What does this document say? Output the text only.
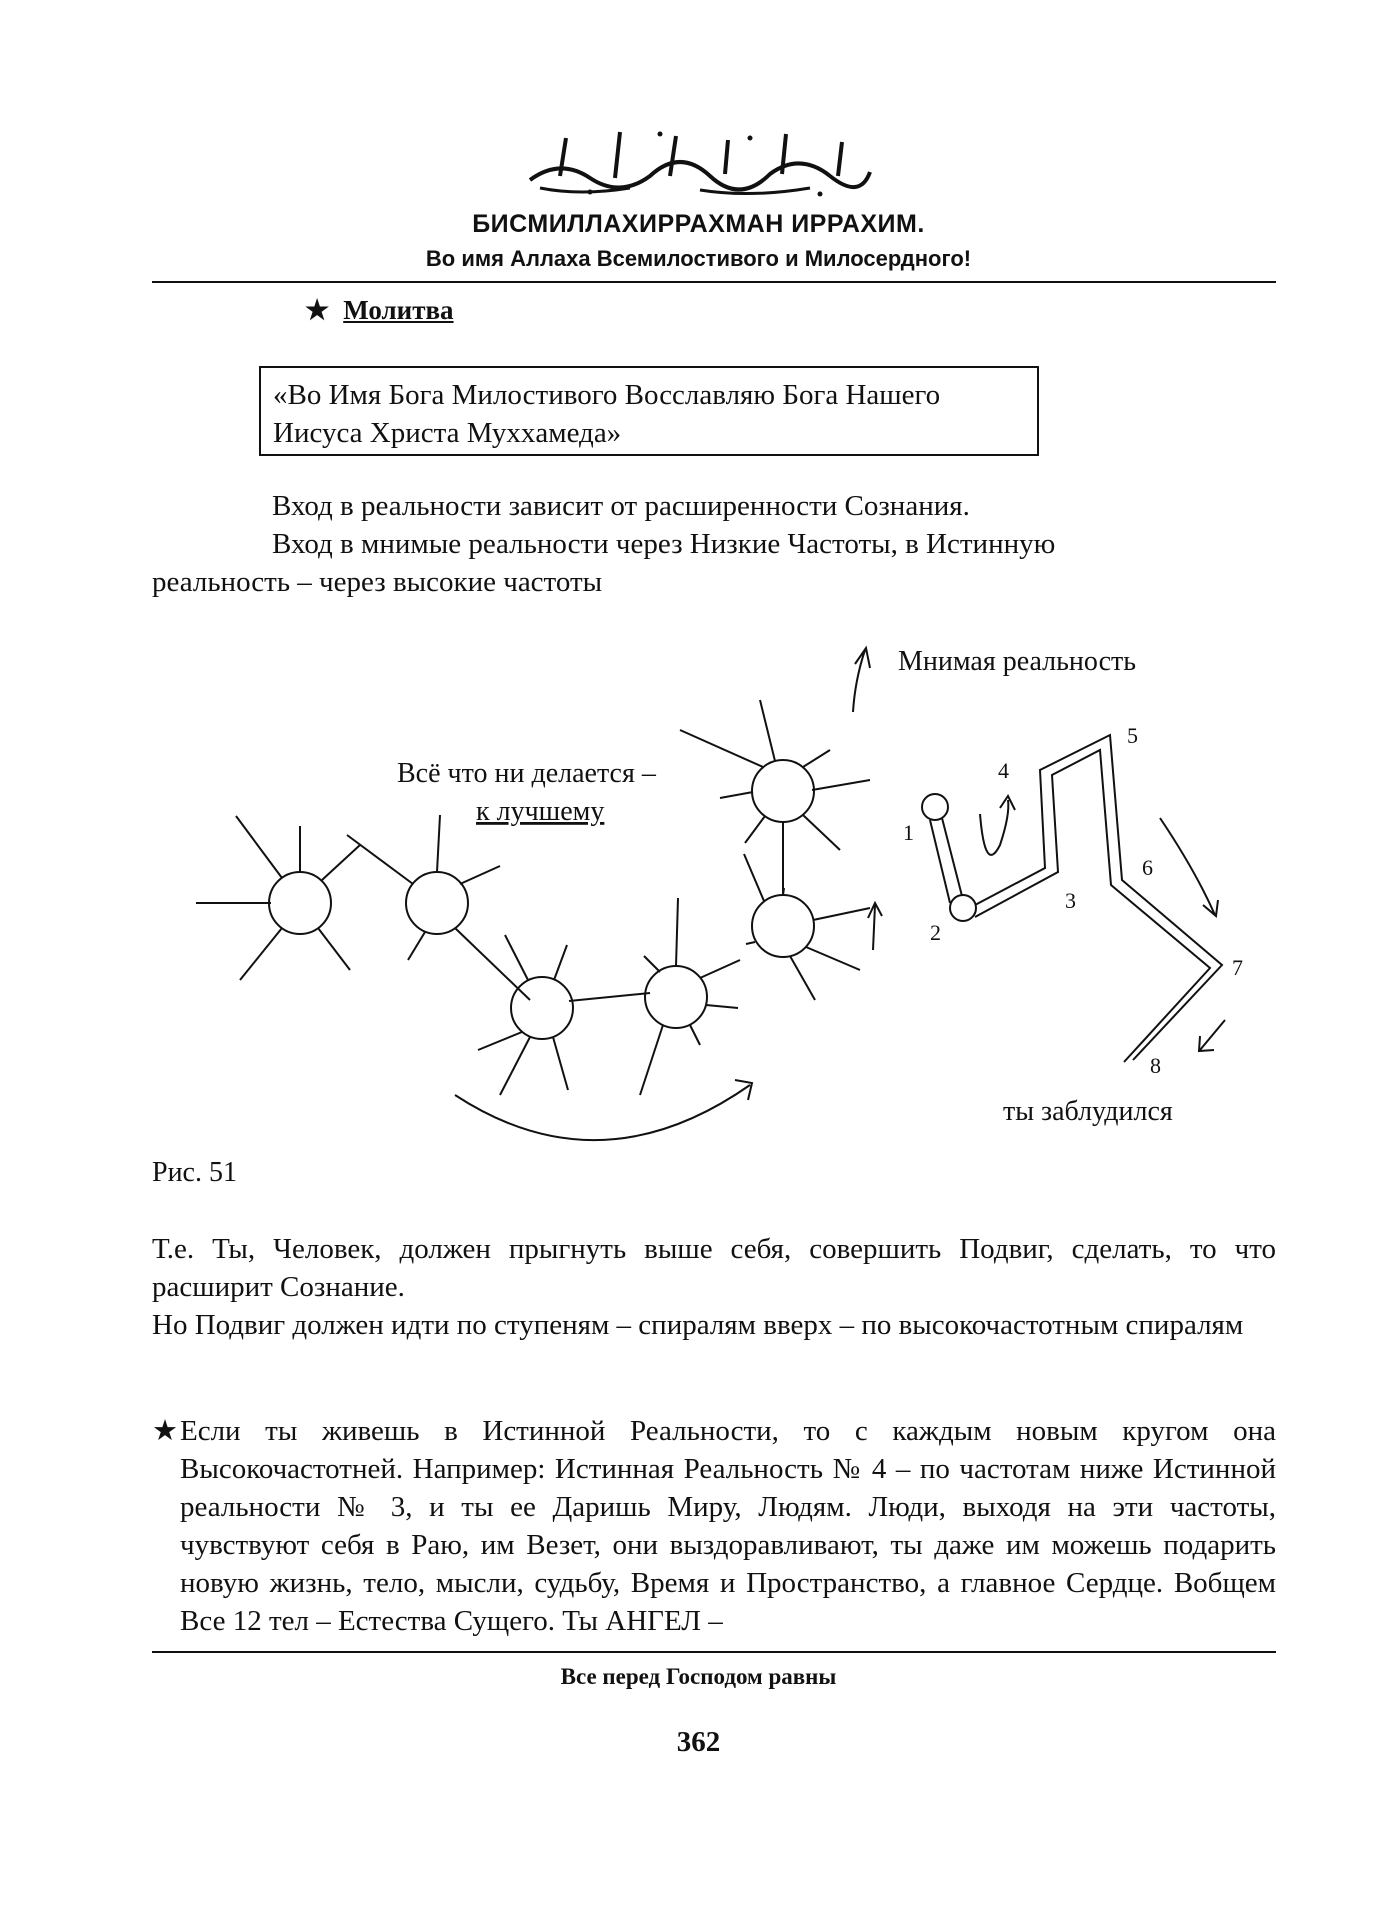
БИСМИЛЛАХИРРАХМАН ИРРАХИМ.
Во имя Аллаха Всемилостивого и Милосердного!
★ Молитва
«Во Имя Бога Милостивого Восславляю Бога Нашего
Иисуса Христа Мухxамеда»
Вход в реальности зависит от расширенности Сознания.
Вход в мнимые реальности через Низкие Частоты, в Истинную
реальность – через высокие частоты
Мнимая реальность
Всё что ни делается –
к лучшему
ты заблудился
1
2
3
4
5
6
7
8
Рис. 51
Т.е. Ты, Человек, должен прыгнуть выше себя, совершить Подвиг, сделать, то что расширит Сознание.
Но Подвиг должен идти по ступеням – спиралям вверх – по высокочастотным спиралям
★ Если ты живешь в Истинной Реальности, то с каждым новым кругом она Высокочастотней. Например: Истинная Реальность № 4 – по частотам ниже Истинной реальности № 3, и ты ее Даришь Миру, Людям. Люди, выходя на эти частоты, чувствуют себя в Раю, им Везет, они выздоравливают, ты даже им можешь подарить новую жизнь, тело, мысли, судьбу, Время и Пространство, а главное Сердце. Вобщем Все 12 тел – Естества Сущего. Ты АНГЕЛ –
Все перед Господом равны
362
